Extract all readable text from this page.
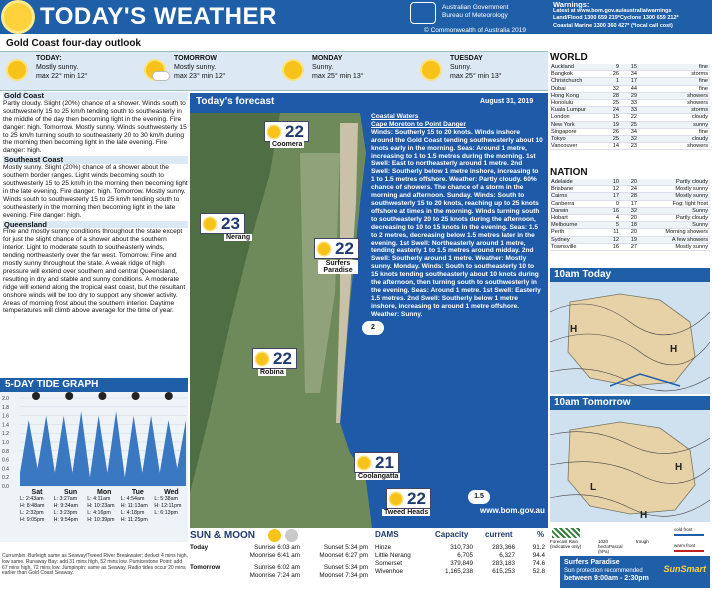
TODAY'S WEATHER	Australian Government
Bureau of Meteorology
© Commonwealth of Australia 2019
Warnings:
Latest at www.bom.gov.au/australia/warnings
Land/Flood 1300 659 219*Cyclone 1300 659 212*
Coastal Marine 1300 360 427* (*local call cost)
Gold Coast four-day outlook
TODAY:
Mostly sunny.
max 22° min 12°
TOMORROW
Mostly sunny.
max 23° min 12°
MONDAY
Sunny.
max 25° min 13°
TUESDAY
Sunny.
max 25° min 13°
Gold Coast

Partly cloudy. Slight (20%) chance of a shower. Winds south to southwesterly 15 to 25 km/h tending south to southeasterly in the middle of the day then becoming light in the evening. Fire danger: high. Tomorrow. Mostly sunny. Winds southwesterly 15 to 25 km/h turning south to southeasterly 20 to 30 km/h during the morning then becoming light in the late evening. Fire danger: high.

Southeast Coast

Mostly sunny. Slight (20%) chance of a shower about the southern border ranges. Light winds becoming south to southwesterly 15 to 25 km/h in the morning then becoming light in the late evening. Fire danger: high. Tomorrow. Mostly sunny. Winds south to southwesterly 15 to 25 km/h tending south to southeasterly in the morning then becoming light in the late evening. Fire danger: high.

Queensland

Fine and mostly sunny conditions throughout the state except for just the slight chance of a shower about the southern interior. Light to moderate south to southeasterly winds, tending northeasterly over the far west. Tomorrow. Fine and mostly sunny throughout the state. A weak ridge of high pressure will extend over southern and central Queensland, resulting in dry and stable and sunny conditions. A moderate ridge will extend along the tropical east coast, but the resultant onshore winds will be too dry to support any shower activity. Areas of morning frost about the southern interior. Daytime temperatures will climb above average for the time of year.

5-DAY TIDE GRAPH
2.0
1.8
1.6
1.4
1.2
1.0
0.8
0.6
0.4
0.2
0.0
Sat
L: 2:43am
H: 8:48am
L: 2:32pm
H: 9:05pm
Sun
L: 3:27am
H: 9:34am
L: 3:23pm
H: 9:54pm
Mon
L: 4:11am
H: 10:23am
L: 4:16pm
H: 10:39pm
Tue
L: 4:54am
H: 11:13am
L: 4:18pm
H: 11:25pm
Wed
L: 5:38am
H: 12:11pm
L: 6:13pm
Currumbin. Burleigh same as Seaway/Tweed River Breakwater; deduct 4 mins high, low same. Runaway Bay: add 31 mins high, 52 mins low. Pumicestone Point: add 67 mins high, 72 mins low. Jumpinpin: same as Seaway. Radio tides occur 20 mins earlier than Gold Coast Seaway.
Today's forecast	August 31, 2019
22
Coomera
23
Nerang
22
Surfers Paradise
22
Robina
21
Coolangatta
22
Tweed Heads
2
1.5
Coastal Waters
Cape Moreton to Point Danger
Winds: Southerly 15 to 20 knots. Winds inshore around the Gold Coast tending southwesterly about 10 knots early in the morning. Seas: Around 1 metre, increasing to 1 to 1.5 metres during the morning. 1st Swell: East to northeasterly around 1 metre. 2nd Swell: Southerly below 1 metre inshore, increasing to 1 to 1.5 metres offshore. Weather: Partly cloudy. 60% chance of showers. The chance of a storm in the morning and afternoon. Sunday. Winds: South to southwesterly 15 to 20 knots, reaching up to 25 knots offshore at times in the morning. Winds turning south to southeasterly 20 to 25 knots during the afternoon, decreasing to 10 to 15 knots in the evening. Seas: 1.5 to 2 metres, decreasing below 1.5 metres later in the evening. 1st Swell: Northeasterly around 1 metre, tending easterly 1 to 1.5 metres around midday. 2nd Swell: Southerly around 1 metre. Weather: Mostly sunny. Monday. Winds: South to southeasterly 10 to 15 knots tending southeasterly about 10 knots during the afternoon, then turning south to southwesterly in the evening. Seas: Around 1 metre. 1st Swell: Easterly 1.5 metres. 2nd Swell: Southerly below 1 metre inshore, increasing to around 1 metre offshore. Weather: Sunny.
www.bom.gov.au
WORLD
Auckland	9	15	fine
Bangkok	26	34	storms
Christchurch	1	17	fine
Dubai	32	44	fine
Hong Kong	28	29	showers
Honolulu	25	33	showers
Kuala Lumpur	24	33	storms
London	15	22	cloudy
New York	19	25	sunny
Singapore	26	34	fine
Tokyo	25	32	cloudy
Vancouver	14	23	showers
NATION
Adelaide	10	20	Partly cloudy
Brisbane	12	24	Mostly sunny
Cairns	17	28	Mostly sunny
Canberra	0	17	Fog; light frost
Darwin	16	32	Sunny
Hobart	4	20	Partly cloudy
Melbourne	5	18	Sunny
Perth	11	20	Morning showers
Sydney	12	19	A few showers
Townsville	16	27	Mostly sunny
10am Today
H
H
10am Tomorrow
H
H
L
Forecast Rain (indicative only)
1020 hectoPascal (hPa)
trough
cold front
warm front
Surfers Paradise
Sun protection recommended
between 9:00am - 2:30pm
SunSmart
SUN & MOON
Today	Sunrise 6:03 am	Sunset 5:34 pm
Moonrise 6:41 am	Moonset 6:27 pm
Tomorrow	Sunrise 6:02 am	Sunset 5:34 pm
Moonrise 7:24 am	Moonset 7:34 pm
DAMS	Capacity current	%
Hinze	310,730	283,366	91.2
Little Nerang	6,705	6,327	94.4
Somerset	379,849	283,183	74.6
Wivenhoe	1,165,238	615,253	52.8
